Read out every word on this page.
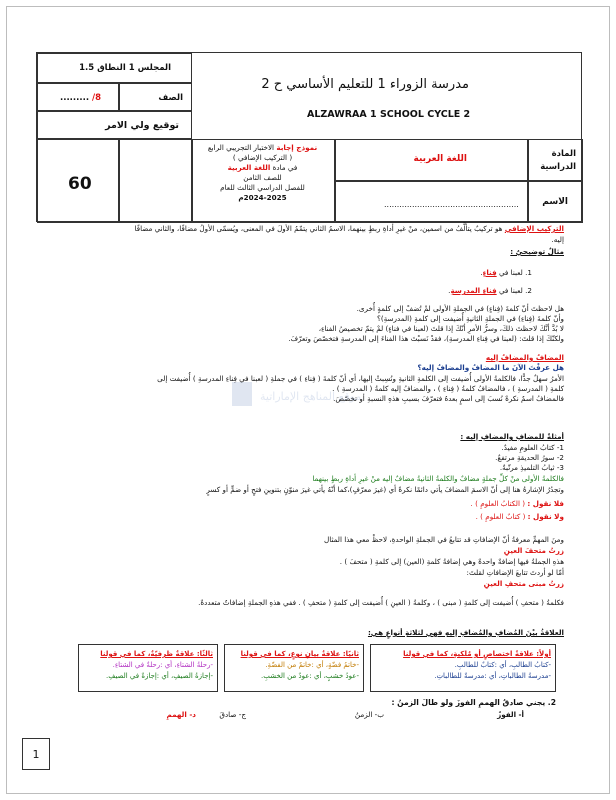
المجلس 1 النطاق 1.5
......... /8	الصف
توقيع ولي الامر
60
مدرسة الزوراء 1 للتعليم الأساسي ح 2
ALZAWRAA 1 SCHOOL CYCLE 2
نموذج إجابة الاختبار التجريبي الرابع
( التركيب الإضافي )
في مادة اللغة العربية
للصف الثامن
للفصل الدراسي الثالث للعام
2024-2025م
اللغة العربية	المادة الدراسية
.....................................................	الاسم
التركيب الإضافي هو تركيبٌ يتألَّفُ من اسمين، منْ غيرِ أداةِ ربطٍ بينهما، الاسمُ الثاني يتمّمُ الأولَ في المعنى، ويُسمّى الأولُ مضافًا، والثاني مضافًا
إليه.
مثالٌ توضيحيٌ :
1. لعبنا في فِناءٍ.
2. لعبنا في فِناءِ المدرسةِ.
هل لاحظتَ أنّ كلمةَ (فِناءٍ) في الجملةِ الأولى لمْ تُضفْ إلى كلمةٍ أُخرى.
وأنّ كلمةَ (فِناءِ) في الجملةِ الثانيةِ أُضيفت إلى كلمةِ (المدرسةِ)؟
لا بُدَّ أنَّكَ لاحظتَ ذلكَ، وسرُّ الأمرِ أنّكَ إذا قلتَ (لعبنا في فناءٍ) لمْ يتمّ تخصيصُ الفناءِ،
ولكنّكَ إذا قلتَ: (لعبنا في فِناءِ المدرسةِ)، فقدْ نَسبْتَ هذا الفناءَ إلى المدرسةِ فتخصّصَ وتعرّفَ.
المضافُ والمضافُ إليه
هل عرفْتَ الآنَ ما المضافُ والمضافُ إليه؟
الأمرُ سهلٌ جدًّا، فالكلمةُ الأولى أُضيفت إلى الكلمةِ الثانيةِ ونُسِبتْ إليها، أي أنّ كلمةَ ( فِناءِ ) في جملةِ ( لعبنا في فِناءِ المدرسةِ ) أُضيفت إلى
كلمةِ ( المدرسةِ ) ، فالمضافُ كلمةُ ( فِناءِ ) ، والمضافُ إليه كلمةُ ( المدرسةِ ) .
فالمضافُ اسمٌ نكرةٌ نُسبَ إلى اسمٍ بعدهُ فتعرّفَ بسببِ هذهِ النسبةِ أو تخصّصَ.
موقع المناهج الإماراتية
أمثلةٌ للمضافِ والمضافِ إليه :
1- كتابُ العلومِ مفيدٌ.
2- سورُ الحديقةِ مرتفعٌ.
3- ثيابُ التلميذِ مرتّبةٌ.
فالكلمةُ الأولى منْ كلِّ جملةٍ مضافٌ والكلمةُ الثانيةُ مضافٌ إليه منْ غيرِ أداةِ ربطٍ بينهما
وتجدُرُ الإشارةُ هنا إلى أنّ الاسمَ المضافَ يأتي دائمًا نكرةً أي (غيرَ معرّفٍ)،كما أنّهُ يأتي غيرَ منوّنٍ بتنوينِ فتحٍ أو ضمٍّ أو كسرٍ
فلا نقول : ( الكتابُ العلومِ ) .
ولا نقول : ( كتابٌ العلومِ ) .
ومنَ المهمِّ معرفةُ أنّ الإضافاتِ قد تتابعُ في الجملةِ الواحدةِ، لاحظْ معي هذا المثال
زرتُ متحفَ العينِ
هذهِ الجملةُ فيها إضافةٌ واحدةٌ وهي إضافةُ كلمةِ (العين) إلى كلمةِ ( متحفَ ) .
أمّا لو أردتَ تتابعَ الإضافاتِ لقلتَ:
زرتُ مبنى متحفِ العينِ
فكلمةُ ( متحفِ ) أُضيفت إلى كلمةِ ( مبنى ) ، وكلمةُ ( العينِ ) أُضيفت إلى كلمةِ ( متحفِ ) . ففي هذهِ الجملةِ إضافاتٌ متعددةٌ.
العلاقةُ بيْنَ المُضافِ والمُضافِ إليهِ فهي لثلاثةِ أنواعٍ هي:
أولاً: علاقةُ اختصاصٍ أو مُلكيةٍ، كما في قولنا
-كتابُ الطالبِ، أي :كتابٌ للطالبِ.
-مدرسةُ الطالباتِ، أي :مدرسةٌ للطالباتِ.
ثانيًا: علاقةُ بيانِ نوعٍ، كما في قولنا
-خاتمُ فضّةٍ، أي :خاتمٌ من الفضّةِ.
-عودُ خشبٍ، أي :عودٌ من الخشبِ.
ثالثًا: علاقةٌ ظرفيّةٌ، كما في قولنا
-رحلةُ الشتاءِ، أي :رحلةٌ في الشتاءِ.
-إجازةُ الصيفِ، أي :إجازةٌ في الصيفِ.
2. يجني صادقُ الهممِ الفوزَ ولو طالَ الزمنُ :
أ- الفوزُ
ب- الزمنُ
ج- صادقَ
د- الهممِ
1
